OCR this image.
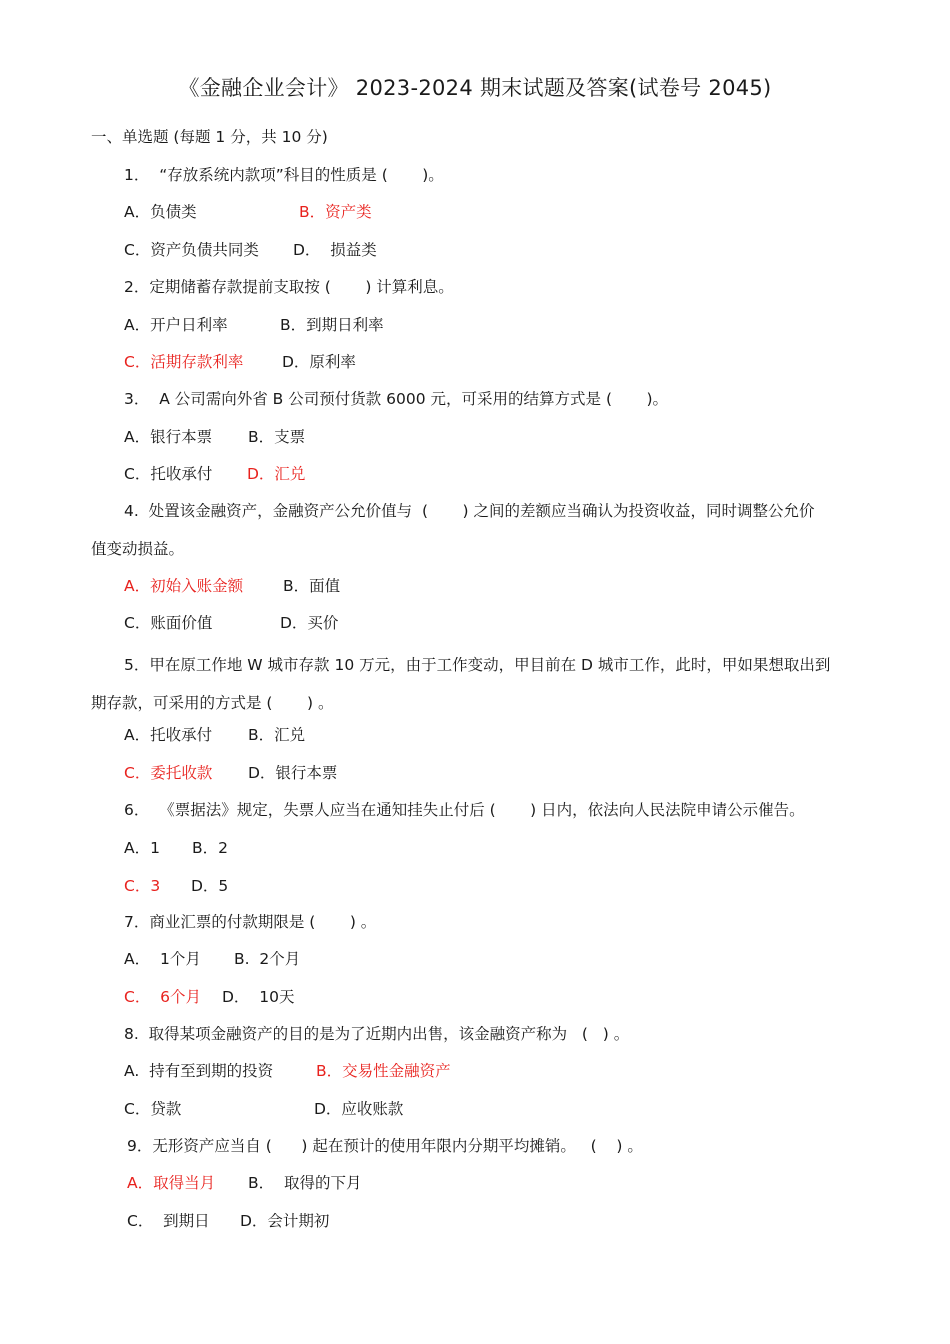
《金融企业会计》 2023-2024 期末试题及答案(试卷号 2045)
一、单选题 (每题 1 分，共 10 分)
1．  “存放系统内款项”科目的性质是 (       )。
A．负债类	B．资产类
C．资产负债共同类 D．  损益类
2．定期储蓄存款提前支取按 (       ) 计算利息。
A．开户日利率	B．到期日利率
C．活期存款利率 D．原利率
3．  A 公司需向外省 B 公司预付货款 6000 元，可采用的结算方式是 (       )。
A．银行本票 B．支票
C．托收承付 D．汇兑
4.  处置该金融资产，金融资产公允价值与  (       ) 之间的差额应当确认为投资收益，同时调整公允价
值变动损益。
A．初始入账金额	B．面值
C．账面价值	D．买价
5．甲在原工作地 W 城市存款 10 万元，由于工作变动，甲目前在 D 城市工作，此时，甲如果想取出到
期存款，可采用的方式是 (       ) 。
A．托收承付 B．汇兑
C．委托收款 D．银行本票
6．  《票据法》规定，失票人应当在通知挂失止付后 (       ) 日内，依法向人民法院申请公示催告。
A．1 B．2
C．3 D．5
7．商业汇票的付款期限是 (       ) 。
A．  1个月 B.  2个月
C．  6个月 D．  10天
8.  取得某项金融资产的目的是为了近期内出售，该金融资产称为   (   ) 。
A.  持有至到期的投资	B．交易性金融资产
C．贷款	D．应收账款
9．无形资产应当自 (      ) 起在预计的使用年限内分期平均摊销。   (    ) 。
A．取得当月 B．  取得的下月
C．  到期日 D．会计期初
